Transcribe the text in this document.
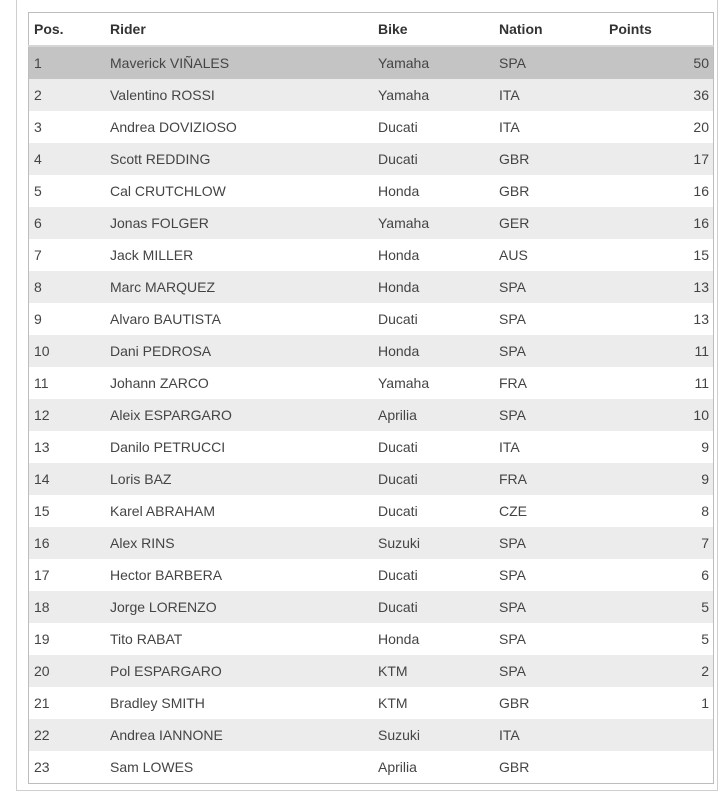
Pos.	Rider	Bike	Nation	Points
1	Maverick VIÑALES	Yamaha	SPA	50
2	Valentino ROSSI	Yamaha	ITA	36
3	Andrea DOVIZIOSO	Ducati	ITA	20
4	Scott REDDING	Ducati	GBR	17
5	Cal CRUTCHLOW	Honda	GBR	16
6	Jonas FOLGER	Yamaha	GER	16
7	Jack MILLER	Honda	AUS	15
8	Marc MARQUEZ	Honda	SPA	13
9	Alvaro BAUTISTA	Ducati	SPA	13
10	Dani PEDROSA	Honda	SPA	11
11	Johann ZARCO	Yamaha	FRA	11
12	Aleix ESPARGARO	Aprilia	SPA	10
13	Danilo PETRUCCI	Ducati	ITA	9
14	Loris BAZ	Ducati	FRA	9
15	Karel ABRAHAM	Ducati	CZE	8
16	Alex RINS	Suzuki	SPA	7
17	Hector BARBERA	Ducati	SPA	6
18	Jorge LORENZO	Ducati	SPA	5
19	Tito RABAT	Honda	SPA	5
20	Pol ESPARGARO	KTM	SPA	2
21	Bradley SMITH	KTM	GBR	1
22	Andrea IANNONE	Suzuki	ITA	
23	Sam LOWES	Aprilia	GBR	
